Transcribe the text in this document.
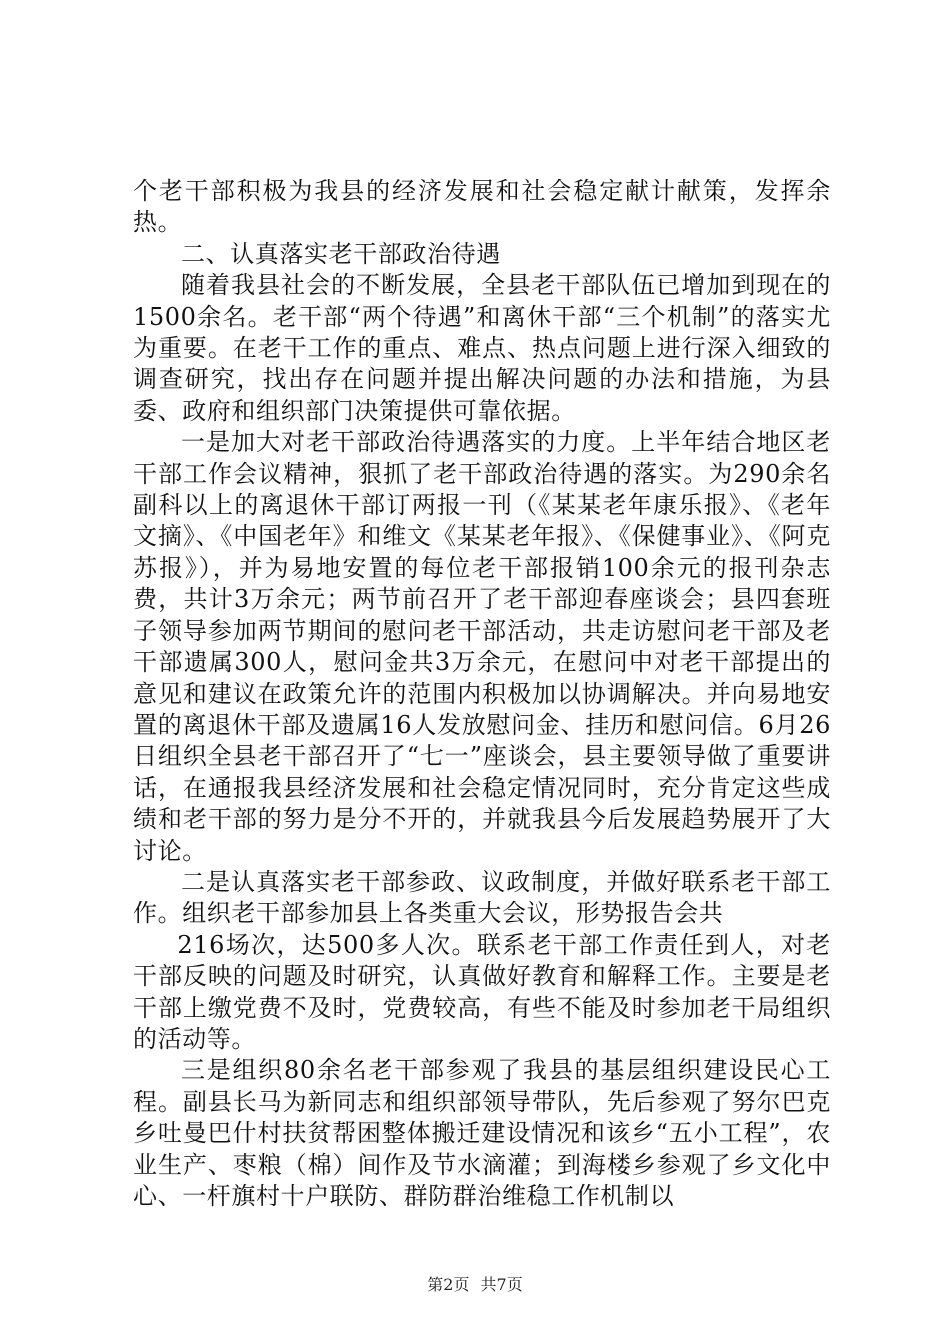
个老干部积极为我县的经济发展和社会稳定献计献策，发挥余热。

二、认真落实老干部政治待遇

随着我县社会的不断发展，全县老干部队伍已增加到现在的1500余名。老干部“两个待遇”和离休干部“三个机制”的落实尤为重要。在老干工作的重点、难点、热点问题上进行深入细致的调查研究，找出存在问题并提出解决问题的办法和措施，为县委、政府和组织部门决策提供可靠依据。

一是加大对老干部政治待遇落实的力度。上半年结合地区老干部工作会议精神，狠抓了老干部政治待遇的落实。为290余名副科以上的离退休干部订两报一刊（《某某老年康乐报》、《老年文摘》、《中国老年》和维文《某某老年报》、《保健事业》、《阿克苏报》），并为易地安置的每位老干部报销100余元的报刊杂志费，共计3万余元；两节前召开了老干部迎春座谈会；县四套班子领导参加两节期间的慰问老干部活动，共走访慰问老干部及老干部遗属300人，慰问金共3万余元，在慰问中对老干部提出的意见和建议在政策允许的范围内积极加以协调解决。并向易地安置的离退休干部及遗属16人发放慰问金、挂历和慰问信。6月26日组织全县老干部召开了“七一”座谈会，县主要领导做了重要讲话，在通报我县经济发展和社会稳定情况同时，充分肯定这些成绩和老干部的努力是分不开的，并就我县今后发展趋势展开了大讨论。

二是认真落实老干部参政、议政制度，并做好联系老干部工作。组织老干部参加县上各类重大会议，形势报告会共

216场次，达500多人次。联系老干部工作责任到人，对老干部反映的问题及时研究，认真做好教育和解释工作。主要是老干部上缴党费不及时，党费较高，有些不能及时参加老干局组织的活动等。

三是组织80余名老干部参观了我县的基层组织建设民心工程。副县长马为新同志和组织部领导带队，先后参观了努尔巴克乡吐曼巴什村扶贫帮困整体搬迁建设情况和该乡“五小工程”，农业生产、枣粮（棉）间作及节水滴灌；到海楼乡参观了乡文化中心、一杆旗村十户联防、群防群治维稳工作机制以

第2页 共7页
